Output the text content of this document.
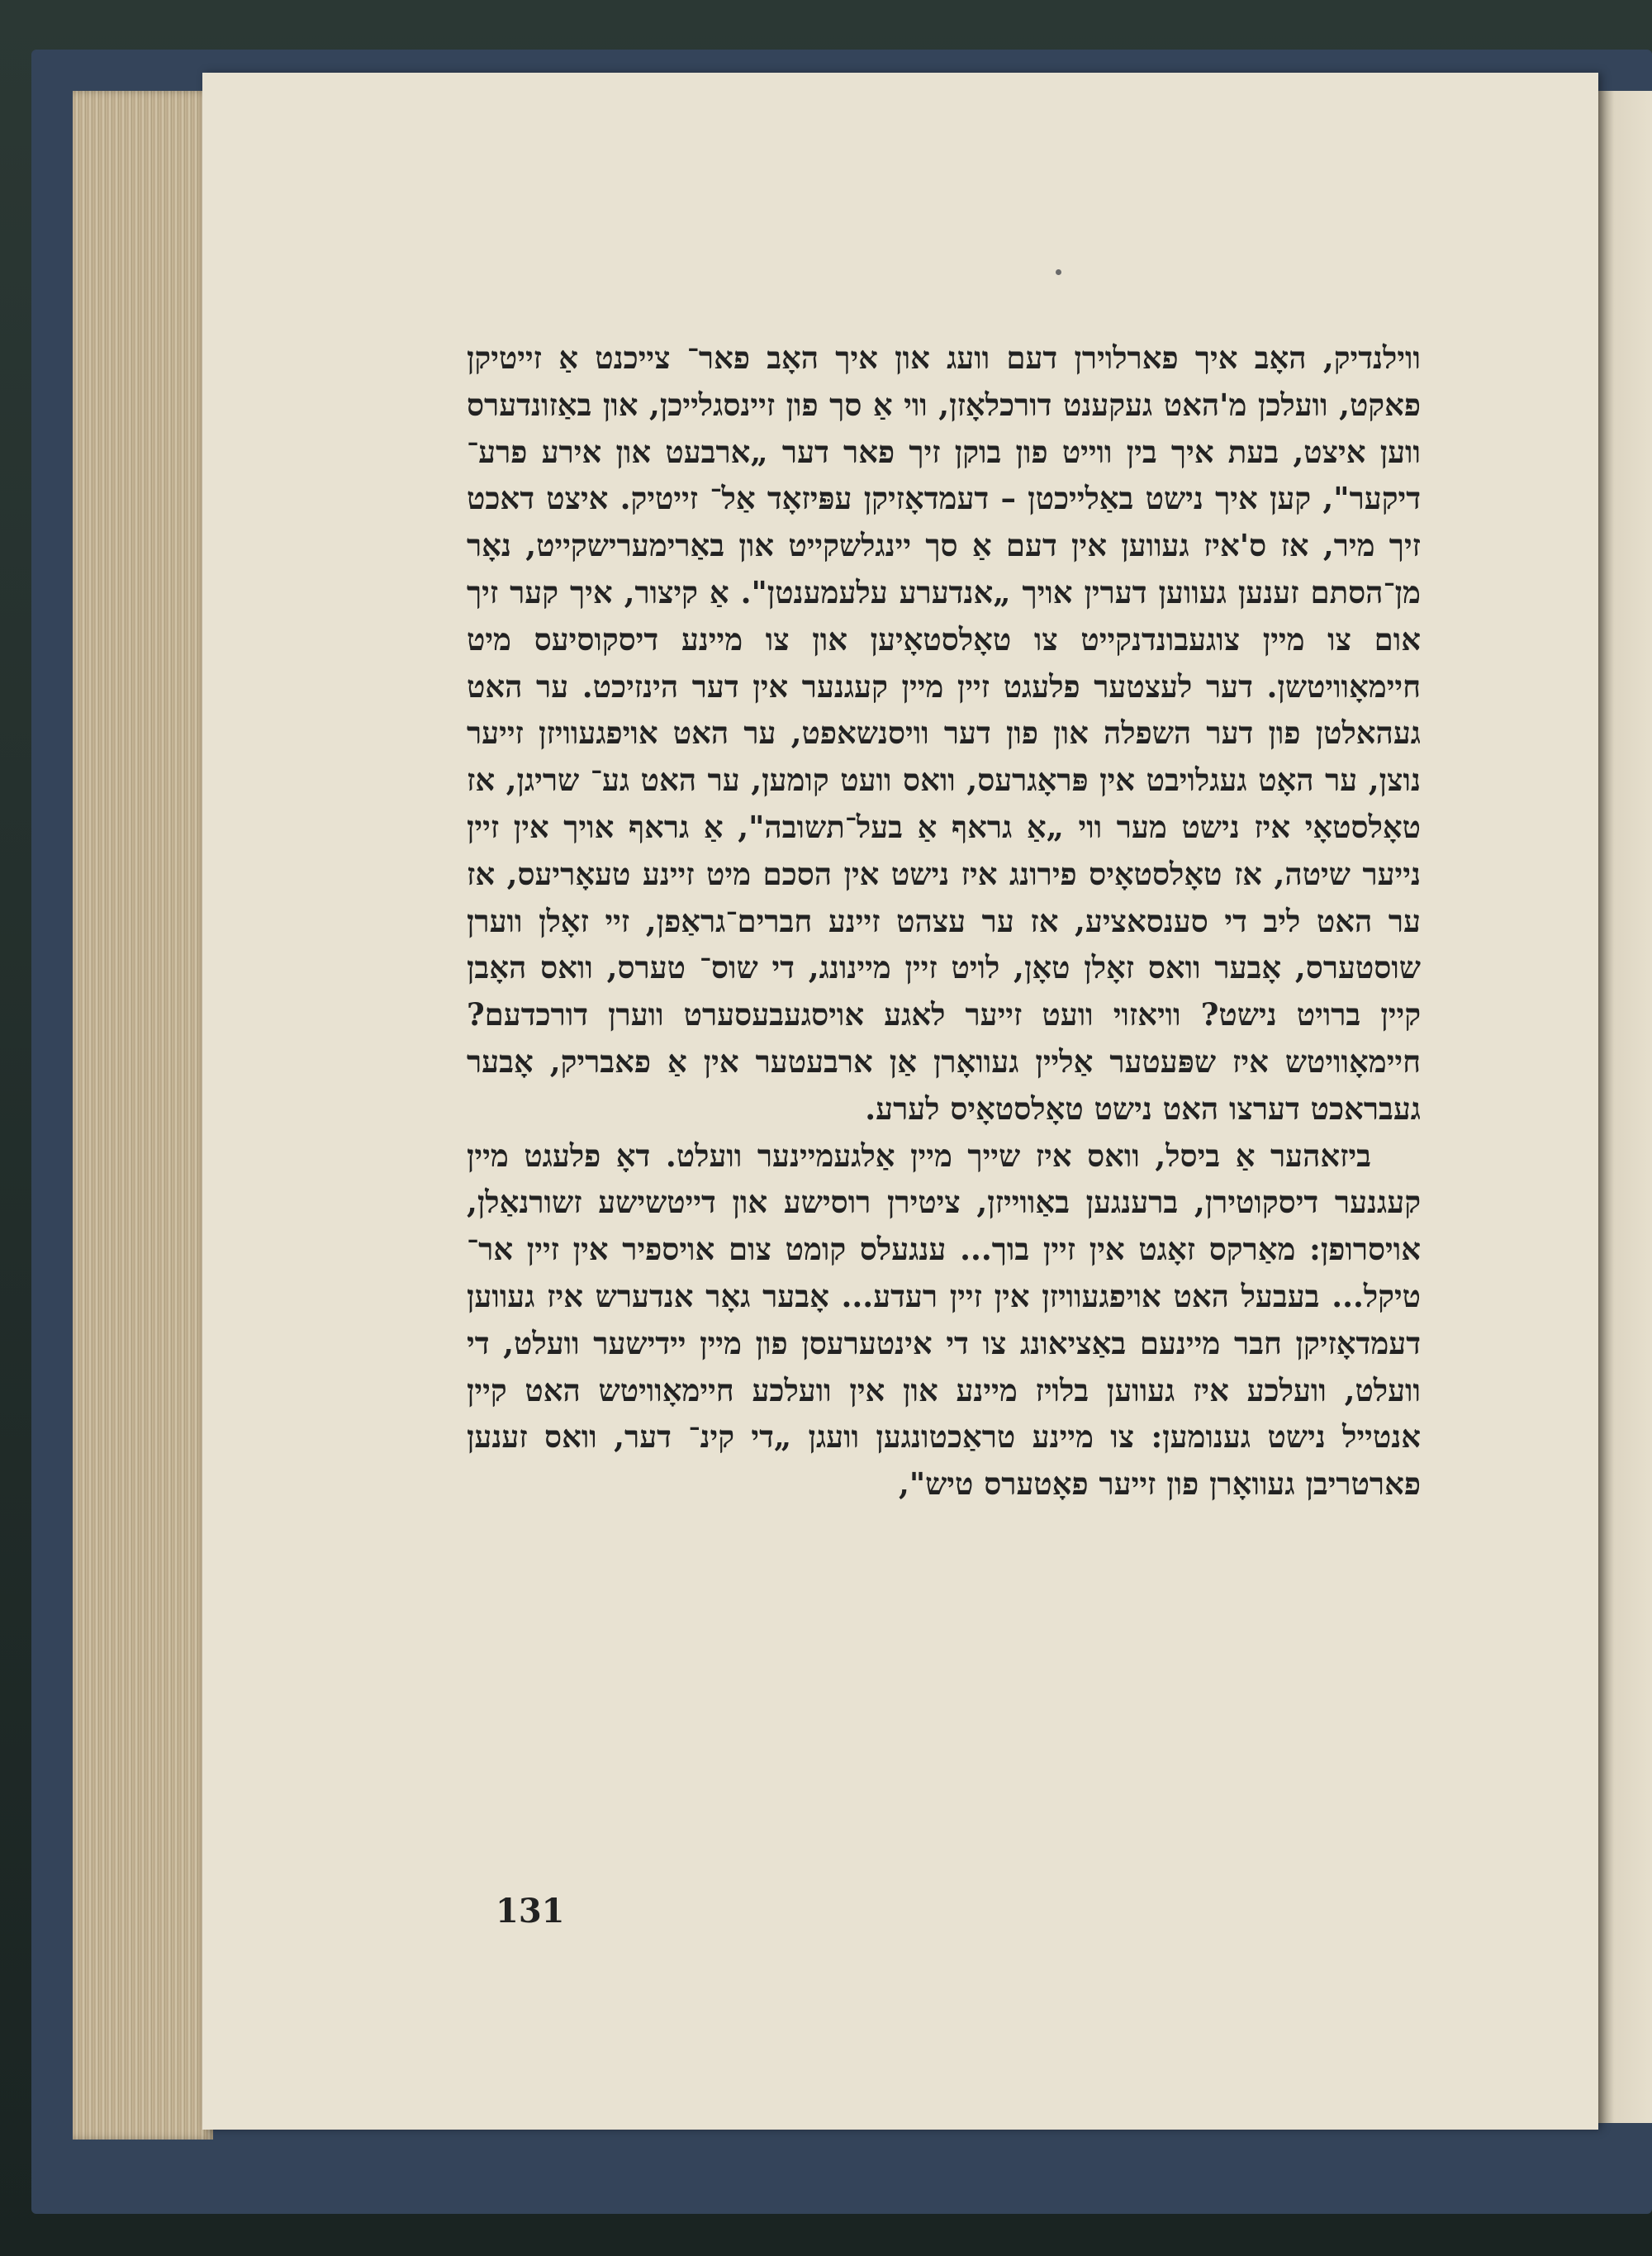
ווילנדיק, האָב איך פארלוירן דעם וועג און איך האָב פאר־ צייכנט אַ זייטיקן פאקט, וועלכן מ'האט געקענט דורכלאָזן, ווי אַ סך פון זיינסגלייכן, און באַזונדערס ווען איצט, בעת איך בין ווייט פון בוקן זיך פאר דער „ארבעט און אירע פרע־ דיקער", קען איך נישט באַלייכטן – דעמדאָזיקן עפּיזאָד אַל־ זייטיק. איצט דאכט זיך מיר, אז ס'איז געווען אין דעם אַ סך יינגלשקייט און באַרימערישקייט, נאָר מן־הסתם זענען געווען דערין אויך „אנדערע עלעמענטן". אַ קיצור, איך קער זיך אום צו מיין צוגעבונדנקייט צו טאָלסטאָיען און צו מיינע דיסקוסיעס מיט חיימאָוויטשן. דער לעצטער פלעגט זיין מיין קעגנער אין דער הינזיכט. ער האט געהאלטן פון דער השפלה און פון דער וויסנשאפט, ער האט אויפגעוויזן זייער נוצן, ער האָט געגלויבט אין פּראָגרעס, וואס וועט קומען, ער האט גע־ שריגן, אז טאָלסטאָי איז נישט מער ווי „אַ גראף אַ בעל־תשובה", אַ גראף אויך אין זיין נייער שיטה, אז טאָלסטאָיס פירונג איז נישט אין הסכם מיט זיינע טעאָריעס, אז ער האט ליב די סענסאציע, אז ער עצהט זיינע חברים־גראַפן, זיי זאָלן ווערן שוסטערס, אָבער וואס זאָלן טאָן, לויט זיין מיינונג, די שוס־ טערס, וואס האָבן קיין ברויט נישט? וויאזוי וועט זייער לאגע אויסגעבעסערט ווערן דורכדעם? חיימאָוויטש איז שפּעטער אַליין געוואָרן אַן ארבעטער אין אַ פאבריק, אָבער געבראכט דערצו האט נישט טאָלסטאָיס לערע.

ביזאהער אַ ביסל, וואס איז שייך מיין אַלגעמיינער וועלט. דאָ פלעגט מיין קעגנער דיסקוטירן, ברענגען באַווייזן, ציטירן רוסישע און דייטשישע זשורנאַלן, אויסרופן: מאַרקס זאָגט אין זיין בוך... ענגעלס קומט צום אויספיר אין זיין אר־ טיקל... בעבעל האט אויפגעוויזן אין זיין רעדע... אָבער גאָר אנדערש איז געווען דעמדאָזיקן חבר מיינעם באַציאונג צו די אינטערעסן פון מיין יידישער וועלט, די וועלט, וועלכע איז געווען בלויז מיינע און אין וועלכע חיימאָוויטש האט קיין אנטייל נישט גענומען: צו מיינע טראַכטונגען וועגן „די קינ־ דער, וואס זענען פארטריבן געוואָרן פון זייער פאָטערס טיש",

131
